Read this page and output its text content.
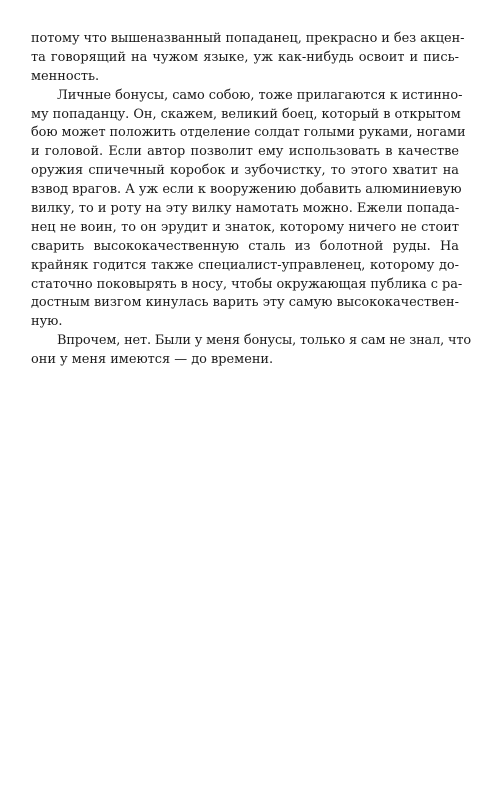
потому что вышеназванный попаданец, прекрасно и без акцен-
та говорящий на чужом языке, уж как-нибудь освоит и пись-
менность.
Личные бонусы, само собою, тоже прилагаются к истинно-
му попаданцу. Он, скажем, великий боец, который в открытом
бою может положить отделение солдат голыми руками, ногами
и головой. Если автор позволит ему использовать в качестве
оружия спичечный коробок и зубочистку, то этого хватит на
взвод врагов. А уж если к вооружению добавить алюминиевую
вилку, то и роту на эту вилку намотать можно. Ежели попада-
нец не воин, то он эрудит и знаток, которому ничего не стоит
сварить высококачественную сталь из болотной руды. На
крайняк годится также специалист-управленец, которому до-
статочно поковырять в носу, чтобы окружающая публика с ра-
достным визгом кинулась варить эту самую высококачествен-
ную.
Впрочем, нет. Были у меня бонусы, только я сам не знал, что
они у меня имеются — до времени.
